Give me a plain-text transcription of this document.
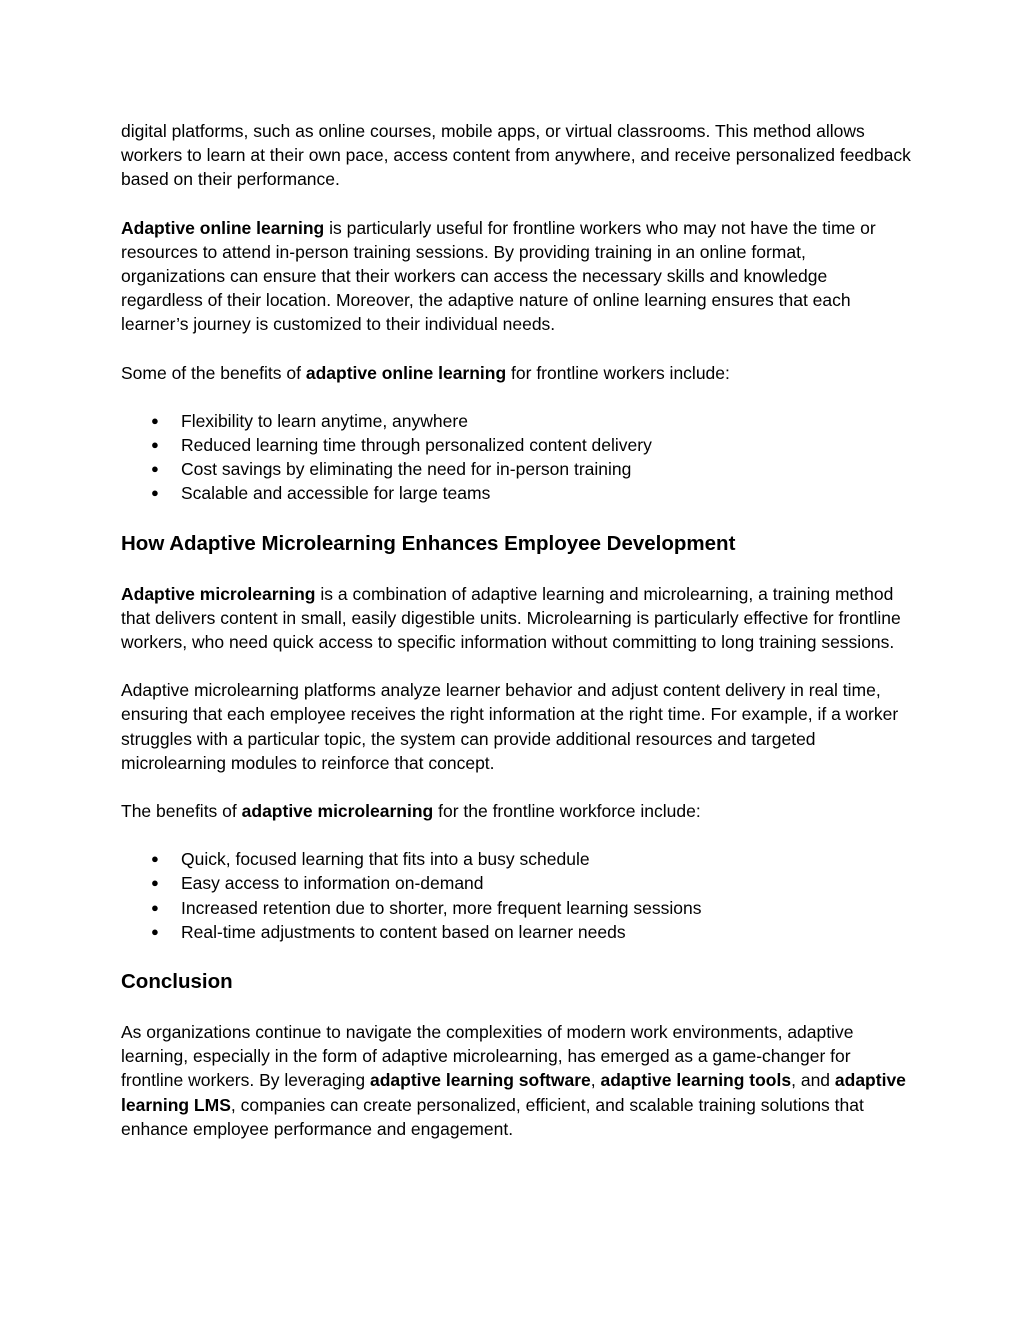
digital platforms, such as online courses, mobile apps, or virtual classrooms. This method allows workers to learn at their own pace, access content from anywhere, and receive personalized feedback based on their performance.

Adaptive online learning is particularly useful for frontline workers who may not have the time or resources to attend in-person training sessions. By providing training in an online format, organizations can ensure that their workers can access the necessary skills and knowledge regardless of their location. Moreover, the adaptive nature of online learning ensures that each learner’s journey is customized to their individual needs.

Some of the benefits of adaptive online learning for frontline workers include:

● Flexibility to learn anytime, anywhere
● Reduced learning time through personalized content delivery
● Cost savings by eliminating the need for in-person training
● Scalable and accessible for large teams
How Adaptive Microlearning Enhances Employee Development

Adaptive microlearning is a combination of adaptive learning and microlearning, a training method that delivers content in small, easily digestible units. Microlearning is particularly effective for frontline workers, who need quick access to specific information without committing to long training sessions.

Adaptive microlearning platforms analyze learner behavior and adjust content delivery in real time, ensuring that each employee receives the right information at the right time. For example, if a worker struggles with a particular topic, the system can provide additional resources and targeted microlearning modules to reinforce that concept.

The benefits of adaptive microlearning for the frontline workforce include:

● Quick, focused learning that fits into a busy schedule
● Easy access to information on-demand
● Increased retention due to shorter, more frequent learning sessions
● Real-time adjustments to content based on learner needs
Conclusion

As organizations continue to navigate the complexities of modern work environments, adaptive learning, especially in the form of adaptive microlearning, has emerged as a game-changer for frontline workers. By leveraging adaptive learning software, adaptive learning tools, and adaptive learning LMS, companies can create personalized, efficient, and scalable training solutions that enhance employee performance and engagement.
